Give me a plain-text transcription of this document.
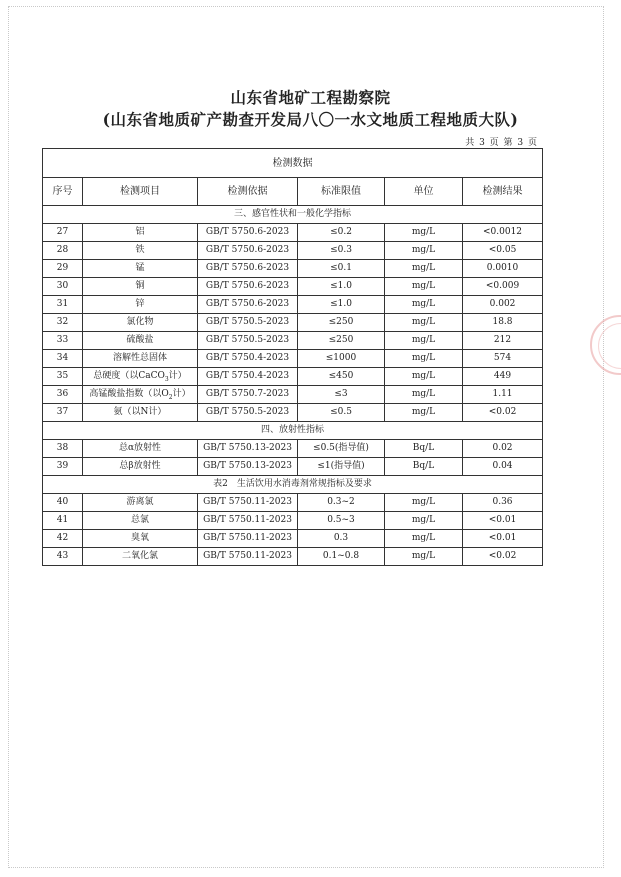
山东省地矿工程勘察院
(山东省地质矿产勘查开发局八〇一水文地质工程地质大队)
共 3 页 第 3 页
检测数据					
序号	检测项目	检测依据	标准限值	单位	检测结果
三、感官性状和一般化学指标					
27	铝	GB/T 5750.6-2023	≤0.2	mg/L	<0.0012
28	铁	GB/T 5750.6-2023	≤0.3	mg/L	<0.05
29	锰	GB/T 5750.6-2023	≤0.1	mg/L	0.0010
30	铜	GB/T 5750.6-2023	≤1.0	mg/L	<0.009
31	锌	GB/T 5750.6-2023	≤1.0	mg/L	0.002
32	氯化物	GB/T 5750.5-2023	≤250	mg/L	18.8
33	硫酸盐	GB/T 5750.5-2023	≤250	mg/L	212
34	溶解性总固体	GB/T 5750.4-2023	≤1000	mg/L	574
35	总硬度（以CaCO$_3$计）	GB/T 5750.4-2023	≤450	mg/L	449
36	高锰酸盐指数（以$O_2$计）	GB/T 5750.7-2023	≤3	mg/L	1.11
37	氨（以N计）	GB/T 5750.5-2023	≤0.5	mg/L	<0.02
四、放射性指标					
38	总α放射性	GB/T 5750.13-2023	≤0.5(指导值)	Bq/L	0.02
39	总β放射性	GB/T 5750.13-2023	≤1(指导值)	Bq/L	0.04
表2　生活饮用水消毒剂常规指标及要求					
40	游离氯	GB/T 5750.11-2023	0.3~2	mg/L	0.36
41	总氯	GB/T 5750.11-2023	0.5~3	mg/L	<0.01
42	臭氧	GB/T 5750.11-2023	0.3	mg/L	<0.01
43	二氧化氯	GB/T 5750.11-2023	0.1~0.8	mg/L	<0.02
